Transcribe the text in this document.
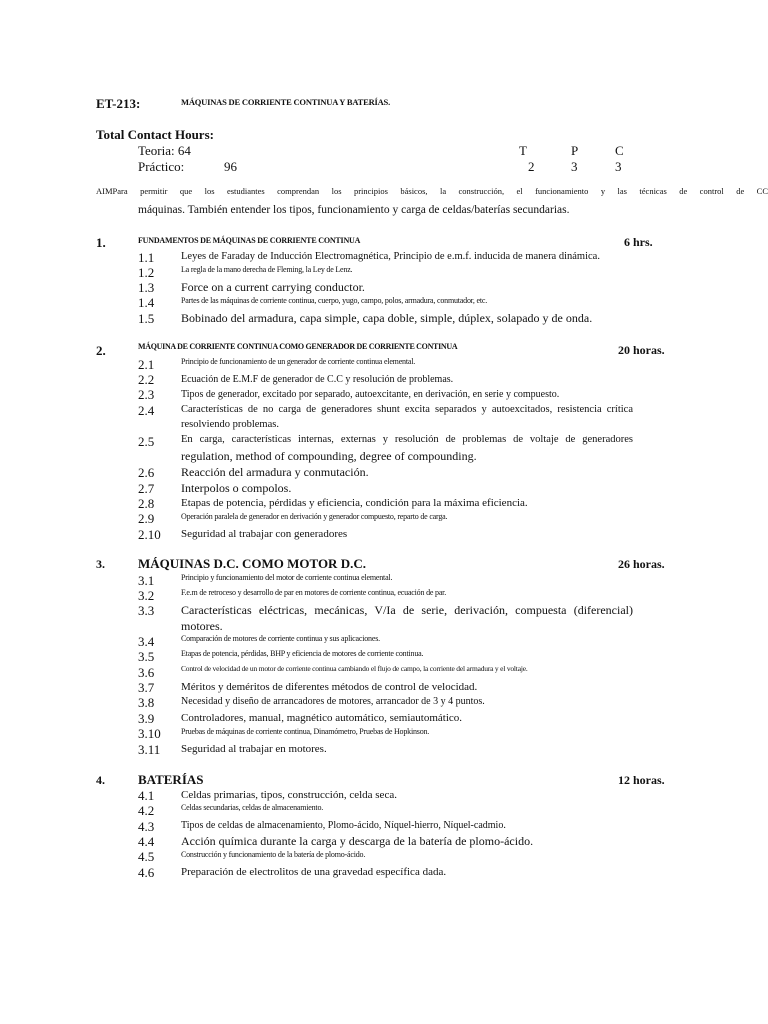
ET-213:	MÁQUINAS DE CORRIENTE CONTINUA Y BATERÍAS.
Total Contact Hours:
Teoria: 64
Práctico:	96
T	P	C
2	3	3
AIMPara permitir que los estudiantes comprendan los principios básicos, la construcción, el funcionamiento y las técnicas de control de CC
máquinas. También entender los tipos, funcionamiento y carga de celdas/baterías secundarias.
1.	FUNDAMENTOS DE MÁQUINAS DE CORRIENTE CONTINUA	6 hrs.
1.1	Leyes de Faraday de Inducción Electromagnética, Principio de e.m.f. inducida de manera dinámica.
1.2	La regla de la mano derecha de Fleming, la Ley de Lenz.
1.3 Force on a current carrying conductor.
1.4	Partes de las máquinas de corriente continua, cuerpo, yugo, campo, polos, armadura, conmutador, etc.
1.5 Bobinado del armadura, capa simple, capa doble, simple, dúplex, solapado y de onda.
2.	MÁQUINA DE CORRIENTE CONTINUA COMO GENERADOR DE CORRIENTE CONTINUA	20 horas.
2.1	Principio de funcionamiento de un generador de corriente continua elemental.
2.2	Ecuación de E.M.F de generador de C.C y resolución de problemas.
2.3	Tipos de generador, excitado por separado, autoexcitante, en derivación, en serie y compuesto.
2.4	Características de no carga de generadores shunt excita separados y autoexcitados, resistencia crítica
resolviendo problemas.
2.5	En carga, características internas, externas y resolución de problemas de voltaje de generadores
regulation, method of compounding, degree of compounding.
2.6 Reacción del armadura y conmutación.
2.7 Interpolos o compolos.
2.8 Etapas de potencia, pérdidas y eficiencia, condición para la máxima eficiencia.
2.9	Operación paralela de generador en derivación y generador compuesto, reparto de carga.
2.10 Seguridad al trabajar con generadores
3.	MÁQUINAS D.C. COMO MOTOR D.C.	26 horas.
3.1	Principio y funcionamiento del motor de corriente continua elemental.
3.2	F.e.m de retroceso y desarrollo de par en motores de corriente continua, ecuación de par.
3.3 Características eléctricas, mecánicas, V/Ia de serie, derivación, compuesta (diferencial)
motores.
3.4	Comparación de motores de corriente continua y sus aplicaciones.
3.5	Etapas de potencia, pérdidas, BHP y eficiencia de motores de corriente continua.
3.6	Control de velocidad de un motor de corriente continua cambiando el flujo de campo, la corriente del armadura y el voltaje.
3.7 Méritos y deméritos de diferentes métodos de control de velocidad.
3.8	Necesidad y diseño de arrancadores de motores, arrancador de 3 y 4 puntos.
3.9 Controladores, manual, magnético automático, semiautomático.
3.10	Pruebas de máquinas de corriente continua, Dinamómetro, Pruebas de Hopkinson.
3.11 Seguridad al trabajar en motores.
4.	BATERÍAS	12 horas.
4.1 Celdas primarias, tipos, construcción, celda seca.
4.2	Celdas secundarias, celdas de almacenamiento.
4.3	Tipos de celdas de almacenamiento, Plomo-ácido, Níquel-hierro, Níquel-cadmio.
4.4 Acción química durante la carga y descarga de la batería de plomo-ácido.
4.5	Construcción y funcionamiento de la batería de plomo-ácido.
4.6 Preparación de electrolitos de una gravedad específica dada.
